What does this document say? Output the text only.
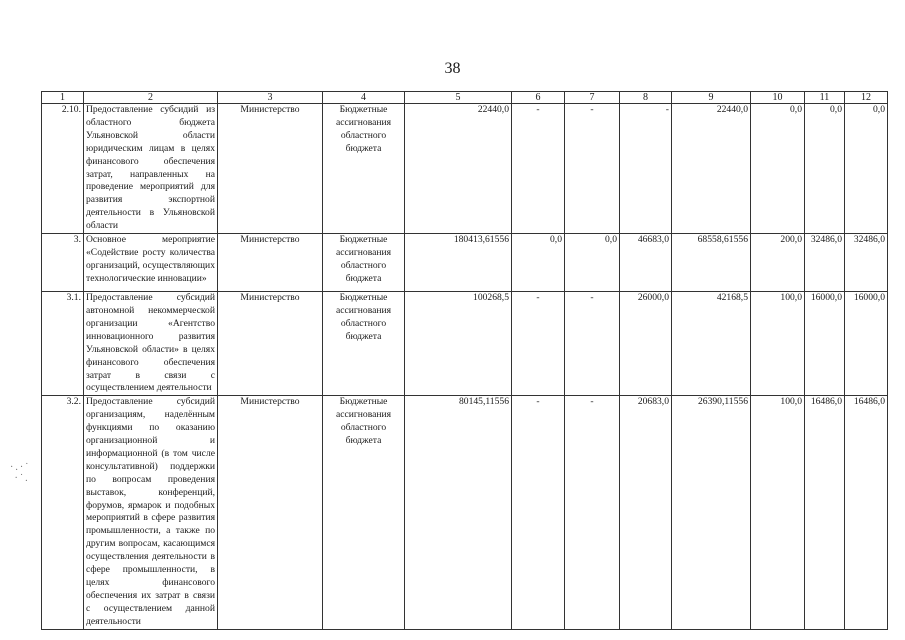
38
·.·˙
·˙.
1	2	3	4	5	6	7	8	9	10	11	12
2.10.	Предоставление субсидий из областного бюджета Ульяновской области юридическим лицам в целях финансового обеспечения затрат, направленных на проведение мероприятий для развития экспортной деятельности в Ульяновской области	Министерство	Бюджетные ассигнования областного бюджета	22440,0	-	-	-	22440,0	0,0	0,0	0,0
3.	Основное мероприятие «Содействие росту количества организаций, осуществляющих технологические инновации»	Министерство	Бюджетные ассигнования областного бюджета	180413,61556	0,0	0,0	46683,0	68558,61556	200,0	32486,0	32486,0
3.1.	Предоставление субсидий автономной некоммерческой организации «Агентство инновационного развития Ульяновской области» в целях финансового обеспечения затрат в связи с осуществлением деятельности	Министерство	Бюджетные ассигнования областного бюджета	100268,5	-	-	26000,0	42168,5	100,0	16000,0	16000,0
3.2.	Предоставление субсидий организациям, наделённым функциями по оказанию организационной и информационной (в том числе консультативной) поддержки по вопросам проведения выставок, конференций, форумов, ярмарок и подобных мероприятий в сфере развития промышленности, а также по другим вопросам, касающимся осуществления деятельности в сфере промышленности, в целях финансового обеспечения их затрат в связи с осуществлением данной деятельности	Министерство	Бюджетные ассигнования областного бюджета	80145,11556	-	-	20683,0	26390,11556	100,0	16486,0	16486,0
